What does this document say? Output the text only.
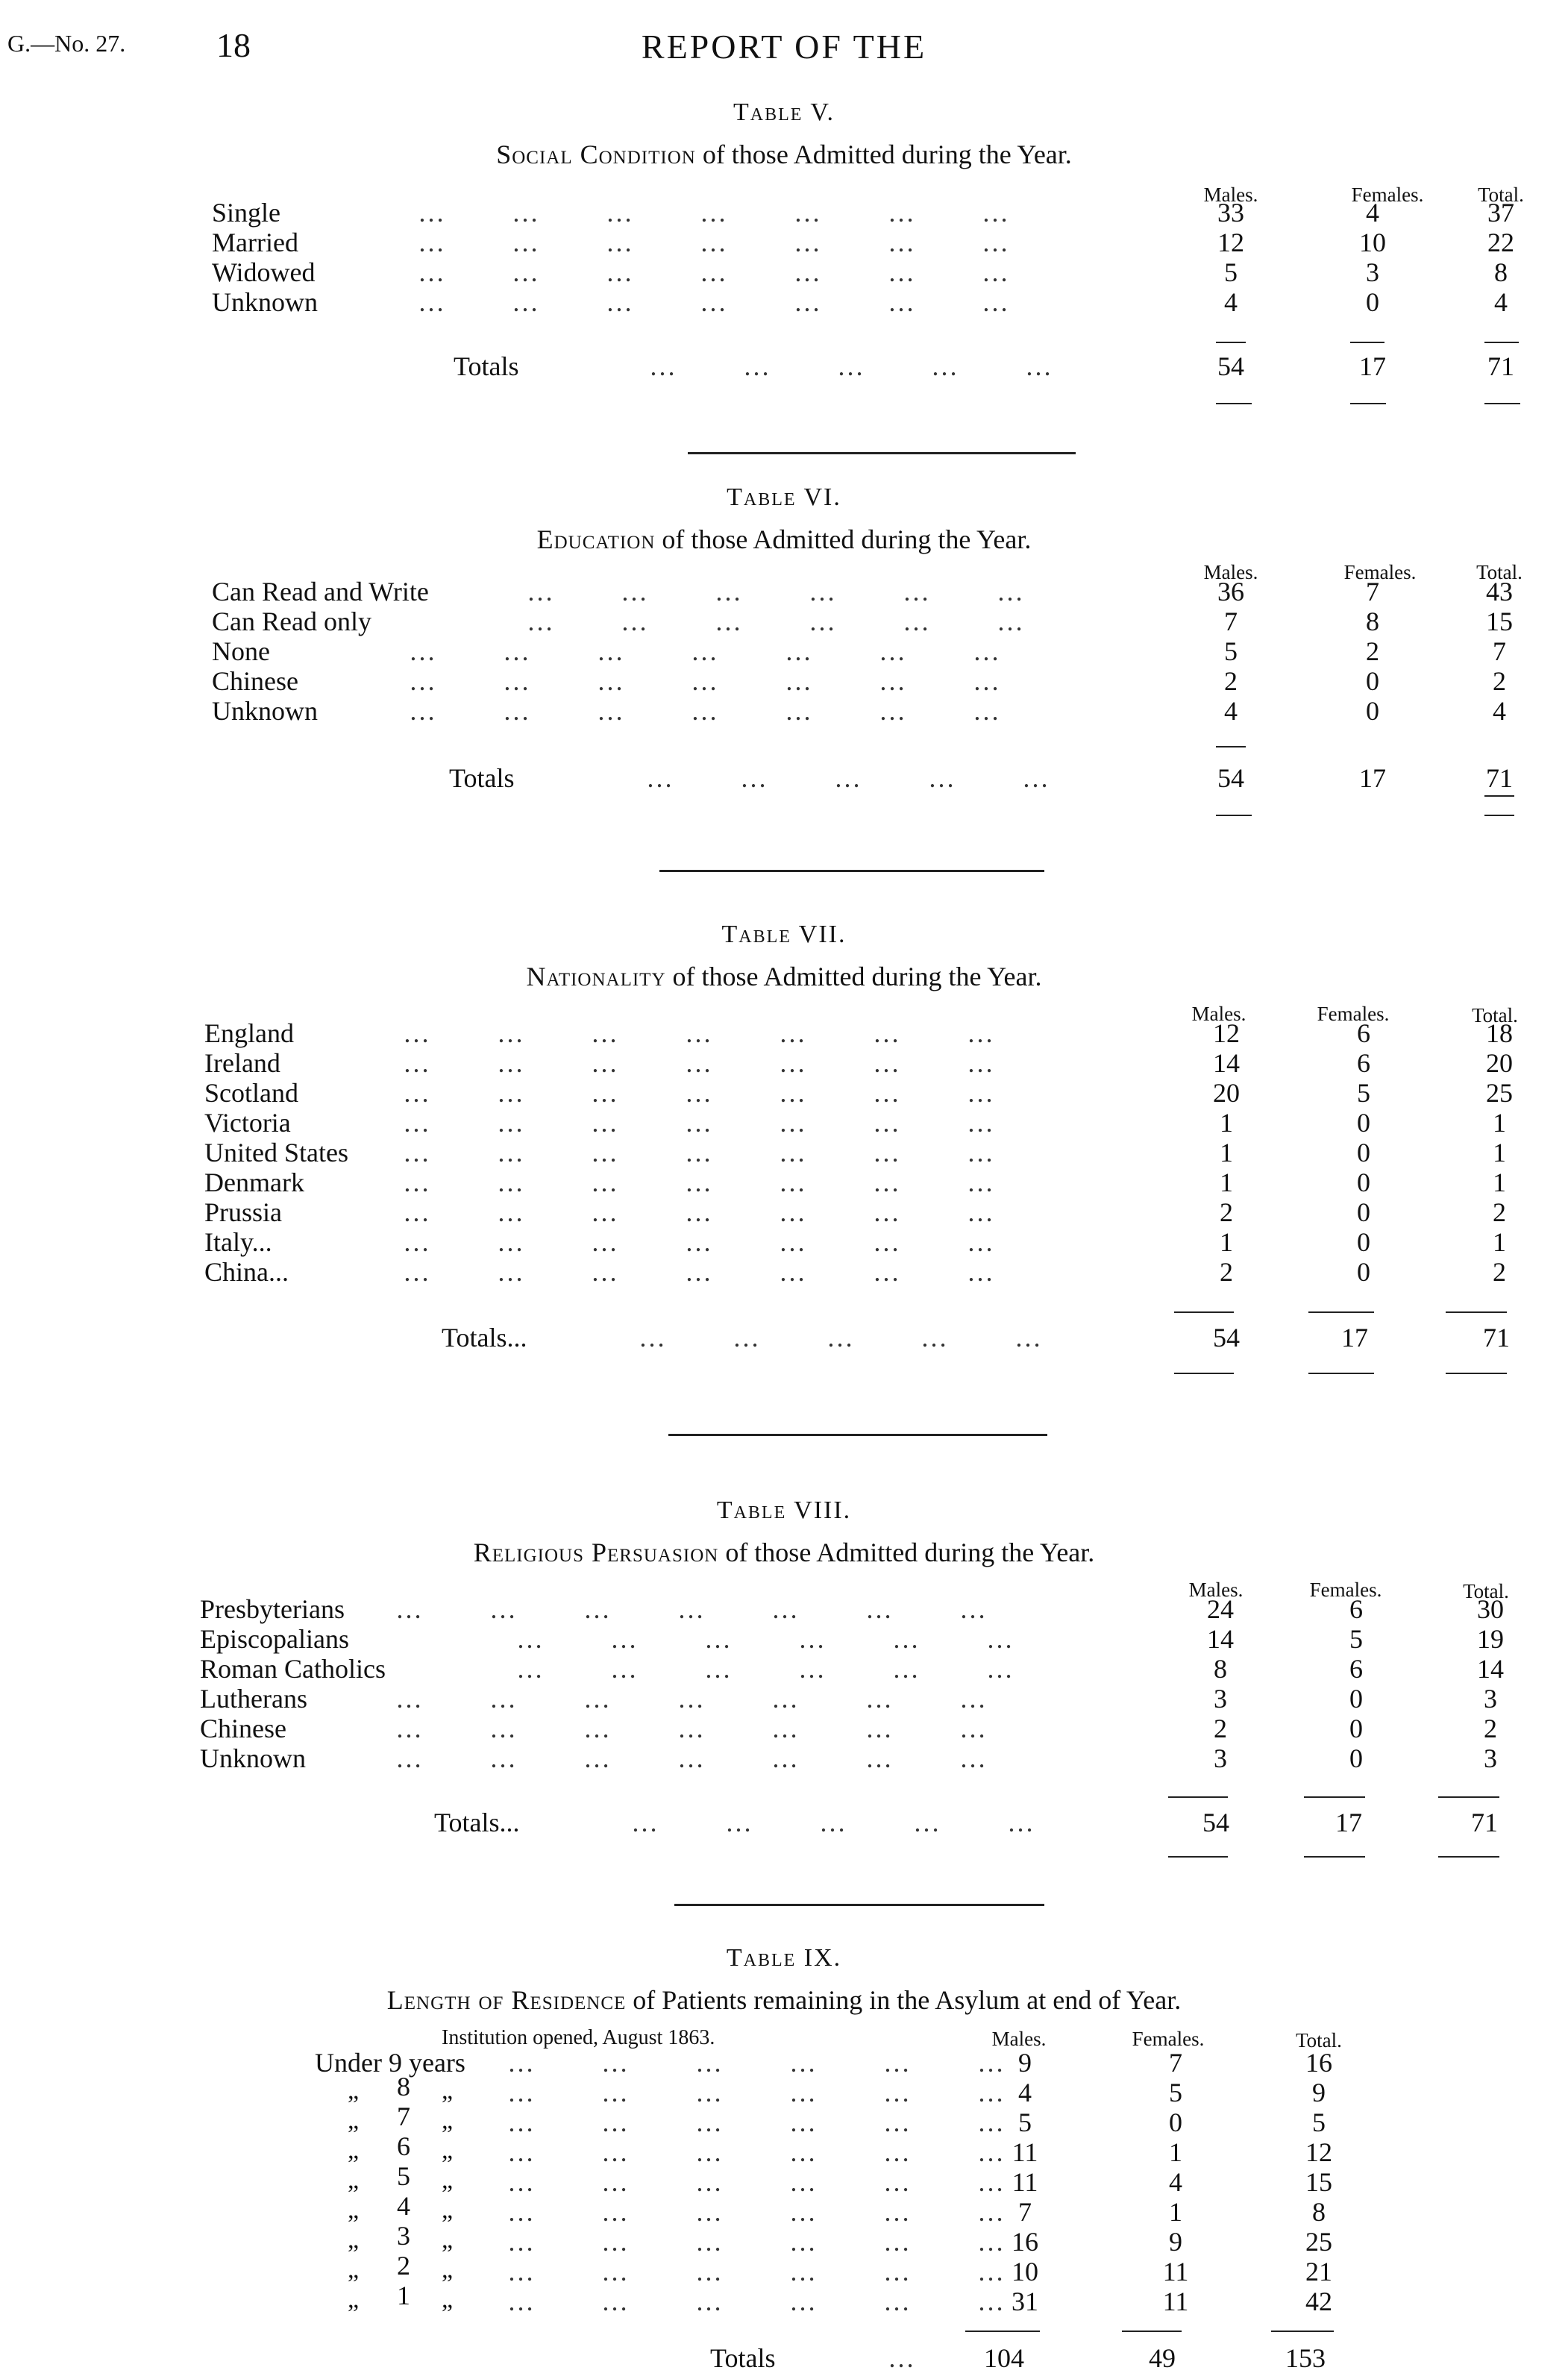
G.—No. 27.	18	REPORT OF THE
Table V.
Social Condition of those Admitted during the Year.
Males.	Females.	Total.
Single	…        …        …        …        …        …        …	33	4	37
Married	…        …        …        …        …        …        …	12	10	22
Widowed	…        …        …        …        …        …        …	5	3	8
Unknown	…        …        …        …        …        …        …	4	0	4
Totals	…        …        …        …        …	54	17	71
Table VI.
Education of those Admitted during the Year.
Males.	Females.	Total.
Can Read and Write	…        …        …        …        …        …	36	7	43
Can Read only	…        …        …        …        …        …	7	8	15
None	…        …        …        …        …        …        …	5	2	7
Chinese	…        …        …        …        …        …        …	2	0	2
Unknown	…        …        …        …        …        …        …	4	0	4
Totals	…        …        …        …        …	54	17	71
Table VII.
Nationality of those Admitted during the Year.
Males.	Females.	Total.
England	…        …        …        …        …        …        …	12	6	18
Ireland	…        …        …        …        …        …        …	14	6	20
Scotland	…        …        …        …        …        …        …	20	5	25
Victoria	…        …        …        …        …        …        …	1	0	1
United States …        …        …        …        …        …        …	1	0	1
Denmark	…        …        …        …        …        …        …	1	0	1
Prussia	…        …        …        …        …        …        …	2	0	2
Italy...	…        …        …        …        …        …        …	1	0	1
China...	…        …        …        …        …        …        …	2	0	2
Totals...	…        …        …        …        …	54	17	71
Table VIII.
Religious Persuasion of those Admitted during the Year.
Males.	Females.	Total.
Presbyterians …        …        …        …        …        …        …	24	6	30
Episcopalians	…        …        …        …        …        …	14	5	19
Roman Catholics	…        …        …        …        …        …	8	6	14
Lutherans	…        …        …        …        …        …        …	3	0	3
Chinese	…        …        …        …        …        …        …	2	0	2
Unknown	…        …        …        …        …        …        …	3	0	3
Totals...	…        …        …        …        …	54	17	71
Table IX.
Length of Residence of Patients remaining in the Asylum at end of Year.
Institution opened, August 1863.	Males.	Females.	Total.
Under 9 years …        …        …        …        …        … 9	7	16
„ 8 „ …        …        …        …        …        … 4	5	9
„ 7 „ …        …        …        …        …        … 5	0	5
„ 6 „ …        …        …        …        …        … 11	1	12
„ 5 „ …        …        …        …        …        … 11	4	15
„ 4 „ …        …        …        …        …        … 7	1	8
„ 3 „ …        …        …        …        …        … 16	9	25
„ 2 „ …        …        …        …        …        … 10	11	21
„ 1 „ …        …        …        …        …        … 31	11	42
Totals	…	104	49	153
